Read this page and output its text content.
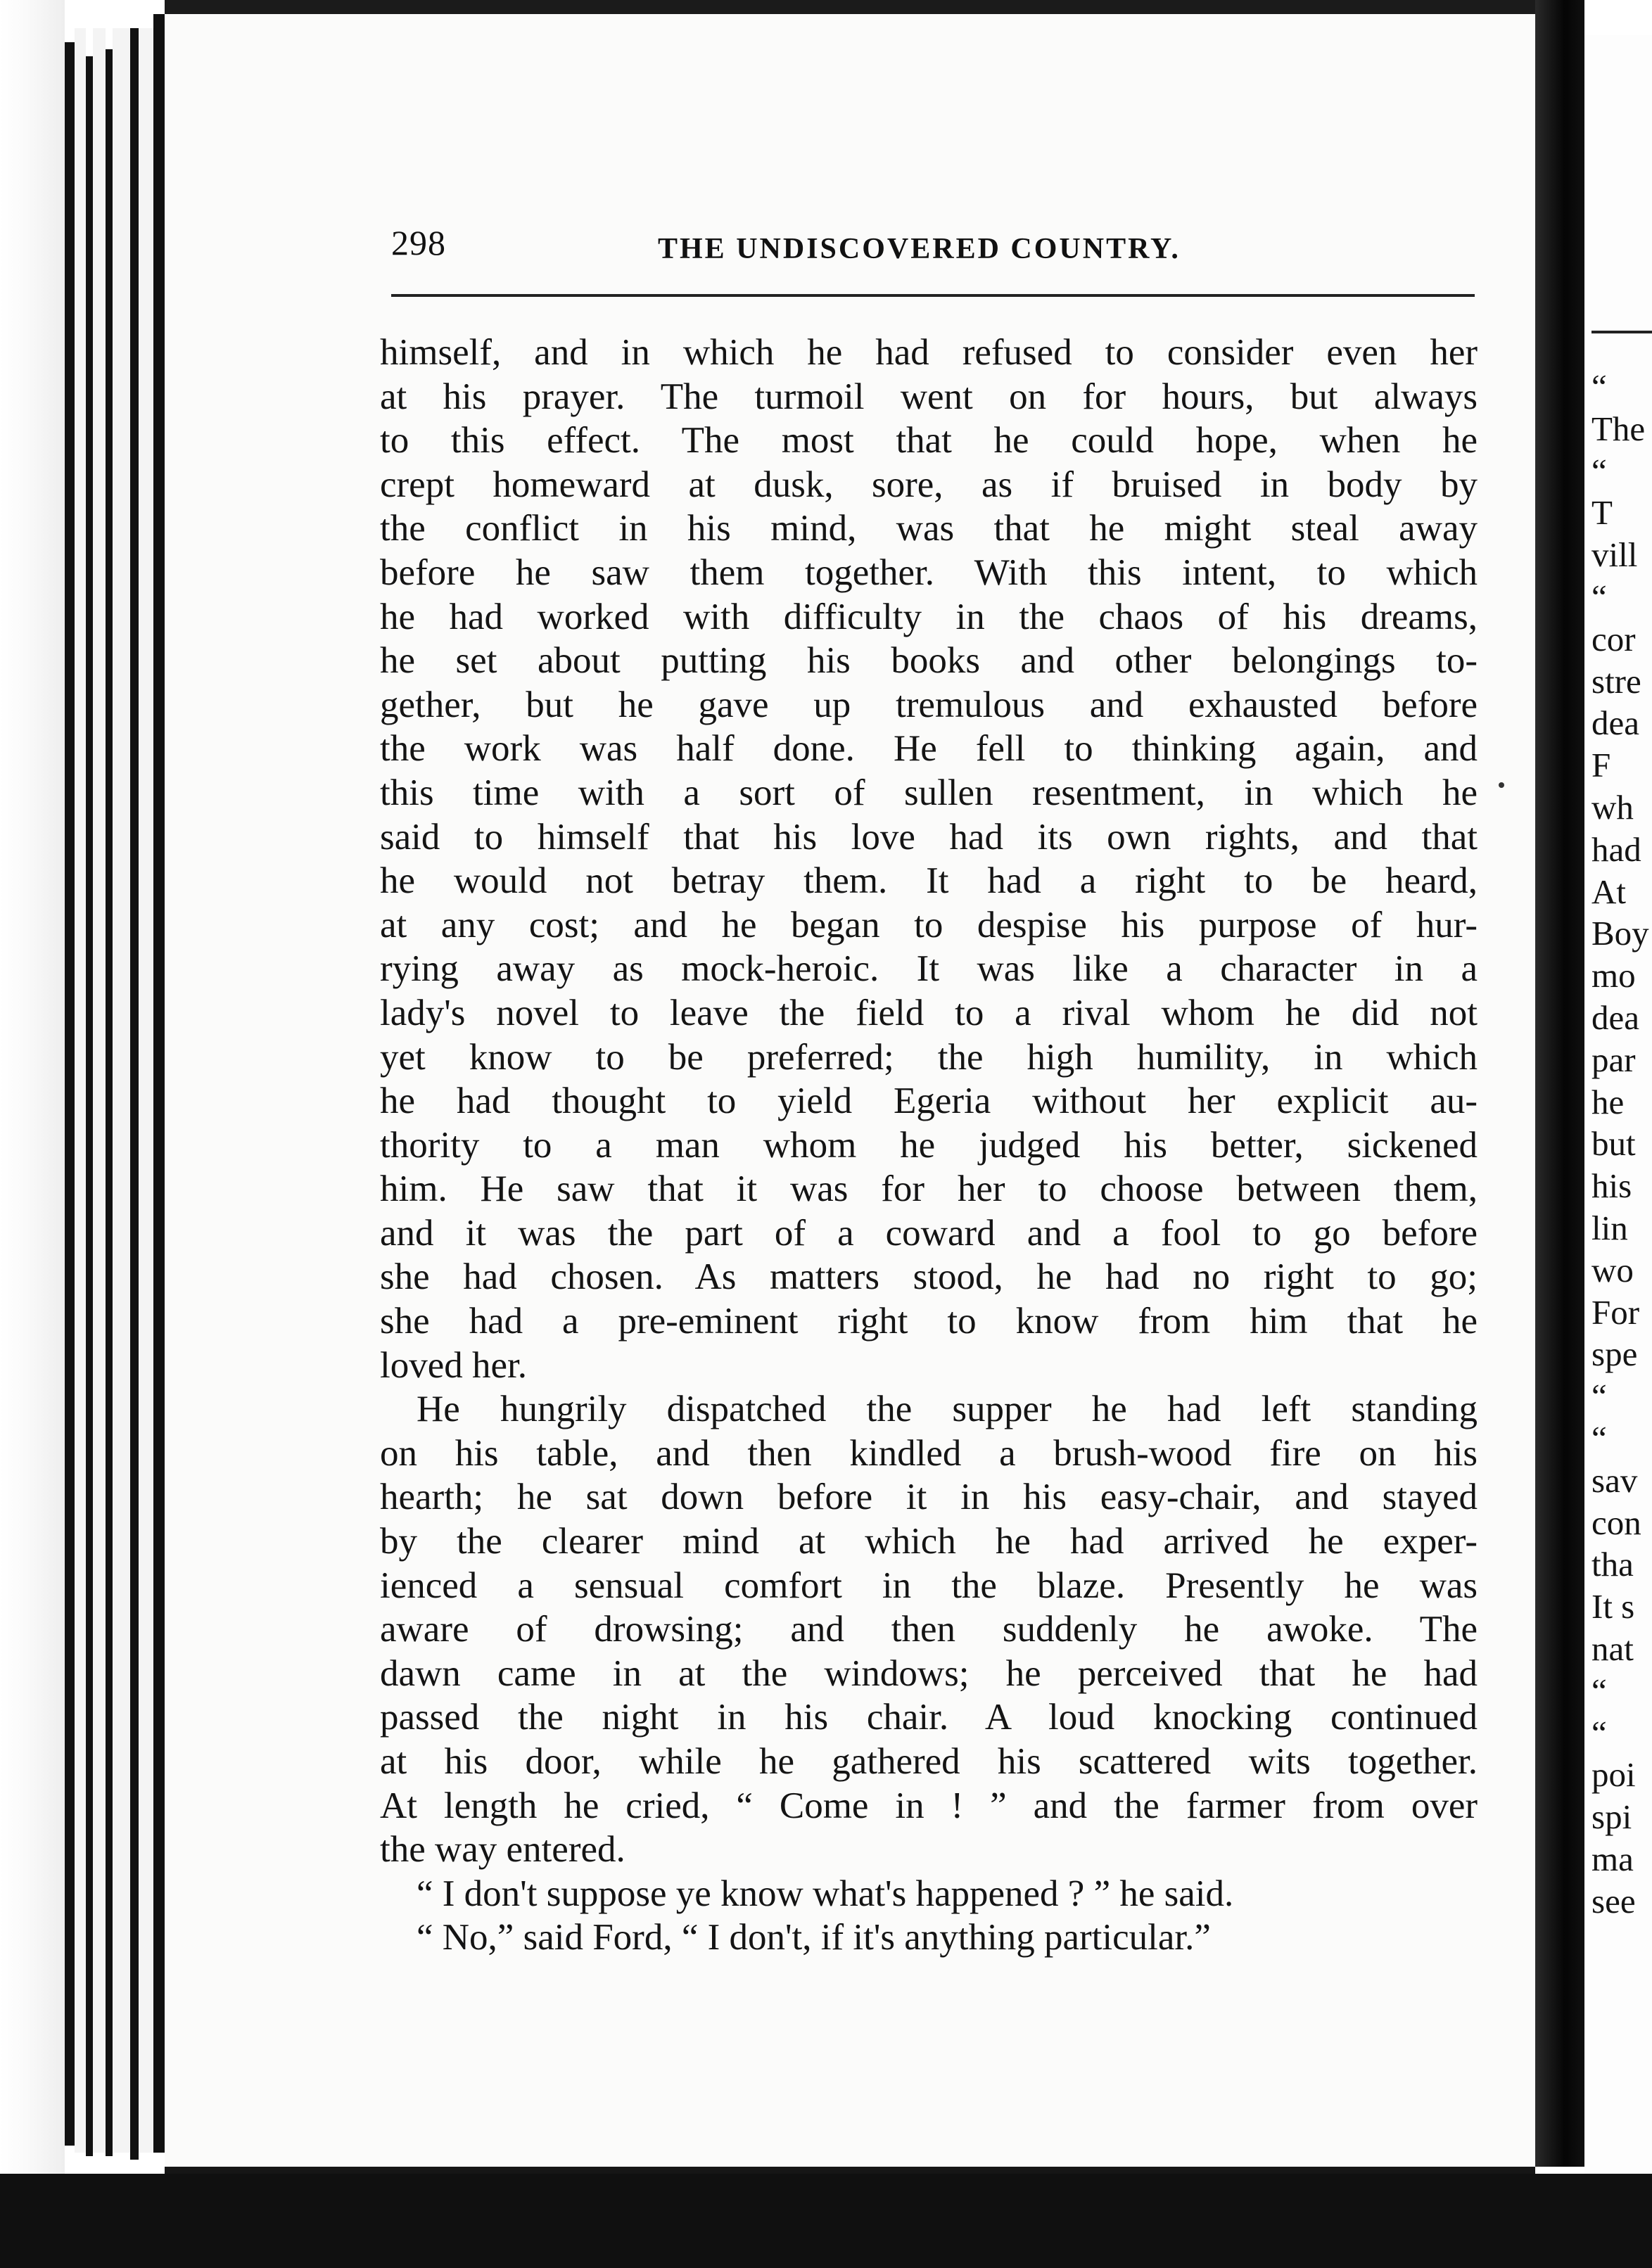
298	THE UNDISCOVERED COUNTRY.
himself, and in which he had refused to consider even her
at his prayer. The turmoil went on for hours, but always
to this effect. The most that he could hope, when he
crept homeward at dusk, sore, as if bruised in body by
the conflict in his mind, was that he might steal away
before he saw them together. With this intent, to which
he had worked with difficulty in the chaos of his dreams,
he set about putting his books and other belongings to-
gether, but he gave up tremulous and exhausted before
the work was half done. He fell to thinking again, and
this time with a sort of sullen resentment, in which he
said to himself that his love had its own rights, and that
he would not betray them. It had a right to be heard,
at any cost; and he began to despise his purpose of hur-
rying away as mock-heroic. It was like a character in a
lady's novel to leave the field to a rival whom he did not
yet know to be preferred; the high humility, in which
he had thought to yield Egeria without her explicit au-
thority to a man whom he judged his better, sickened
him. He saw that it was for her to choose between them,
and it was the part of a coward and a fool to go before
she had chosen. As matters stood, he had no right to go;
she had a pre-eminent right to know from him that he
loved her.
He hungrily dispatched the supper he had left standing
on his table, and then kindled a brush-wood fire on his
hearth; he sat down before it in his easy-chair, and stayed
by the clearer mind at which he had arrived he exper-
ienced a sensual comfort in the blaze. Presently he was
aware of drowsing; and then suddenly he awoke. The
dawn came in at the windows; he perceived that he had
passed the night in his chair. A loud knocking continued
at his door, while he gathered his scattered wits together.
At length he cried, “ Come in ! ” and the farmer from over
the way entered.
“ I don't suppose ye know what's happened ? ” he said.
“ No,” said Ford, “ I don't, if it's anything particular.”
“
The
“
T
vill
“
cor
stre
dea
F
wh
had
At
Boy
mo
dea
par
he
but
his
lin
wo
For
spe
“
“
sav
con
tha
It s
nat
“
“
poi
spi
ma
see
